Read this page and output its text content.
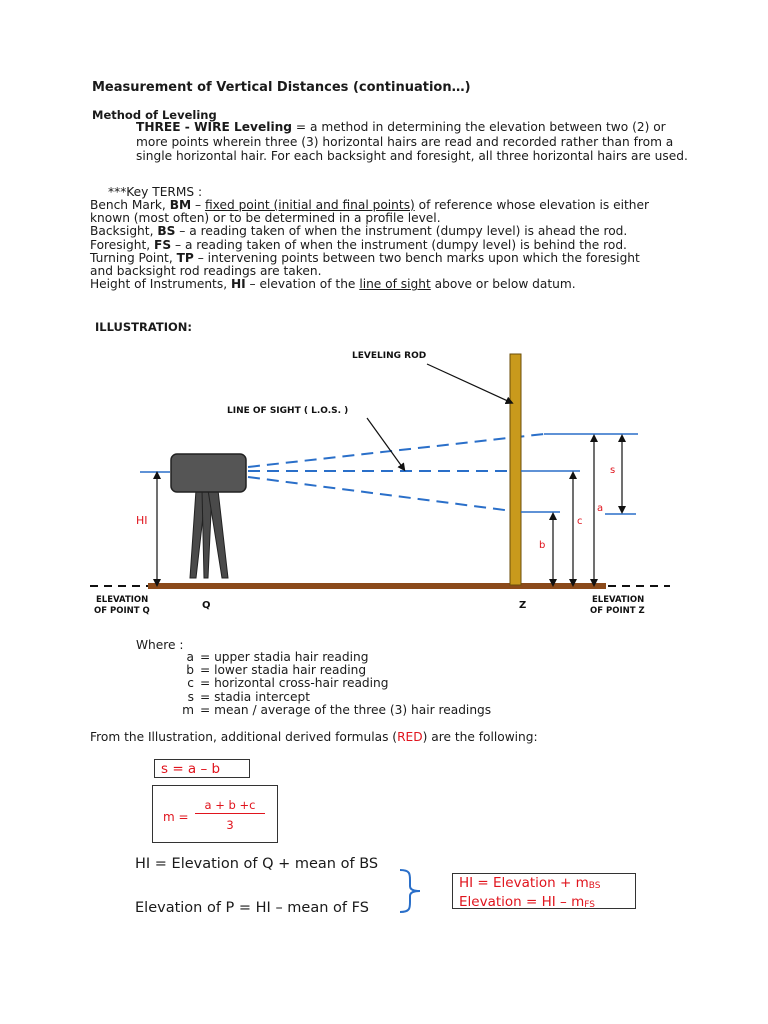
Measurement of Vertical Distances (continuation…)
Method of Leveling
THREE - WIRE Leveling = a method in determining the elevation between two (2) or more points wherein three (3) horizontal hairs are read and recorded rather than from a single horizontal hair. For each backsight and foresight, all three horizontal hairs are used.
***Key TERMS :
Bench Mark, BM – fixed point (initial and final points) of reference whose elevation is either
known (most often) or to be determined in a profile level.
Backsight, BS – a reading taken of when the instrument (dumpy level) is ahead the rod.
Foresight, FS – a reading taken of when the instrument (dumpy level) is behind the rod.
Turning Point, TP – intervening points between two bench marks upon which the foresight
and backsight rod readings are taken.
Height of Instruments, HI – elevation of the line of sight above or below datum.
ILLUSTRATION:
LEVELING ROD
LINE OF SIGHT ( L.O.S. )
HI
s
a
c
b
ELEVATION
OF POINT Q	Q	Z	ELEVATION
OF POINT Z
Where :
a = upper stadia hair reading
b = lower stadia hair reading
c = horizontal cross-hair reading
s = stadia intercept
m = mean / average of the three (3) hair readings
From the Illustration, additional derived formulas (RED) are the following:
s = a – b
m =
a + b +c
3
HI = Elevation of Q + mean of BS
Elevation of P = HI – mean of FS
HI = Elevation + $m_{BS}$
Elevation = HI – $m_{FS}$
